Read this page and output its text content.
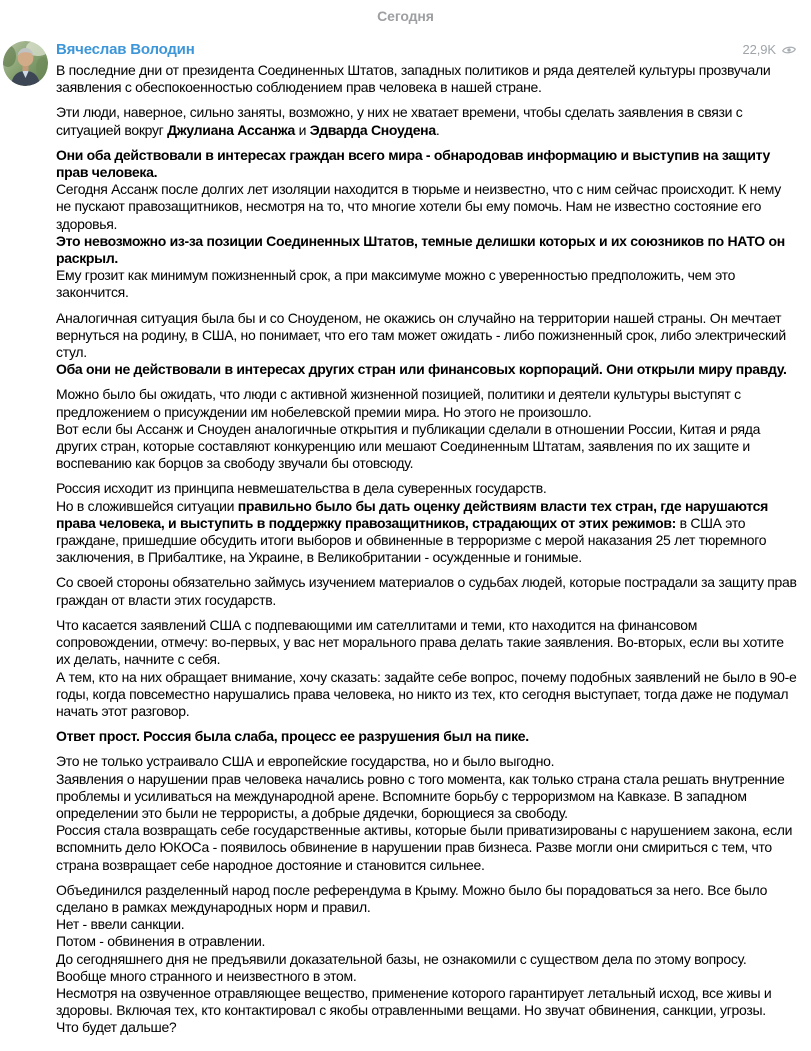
Сегодня
Вячеслав Володин	22,9K

В последние дни от президента Соединенных Штатов, западных политиков и ряда деятелей культуры прозвучали заявления с обеспокоенностью соблюдением прав человека в нашей стране.

Эти люди, наверное, сильно заняты, возможно, у них не хватает времени, чтобы сделать заявления в связи с ситуацией вокруг Джулиана Ассанжа и Эдварда Сноудена.

Они оба действовали в интересах граждан всего мира - обнародовав информацию и выступив на защиту прав человека.

Сегодня Ассанж после долгих лет изоляции находится в тюрьме и неизвестно, что с ним сейчас происходит. К нему не пускают правозащитников, несмотря на то, что многие хотели бы ему помочь. Нам не известно состояние его здоровья.

Это невозможно из-за позиции Соединенных Штатов, темные делишки которых и их союзников по НАТО он раскрыл.

Ему грозит как минимум пожизненный срок, а при максимуме можно с уверенностью предположить, чем это закончится.

Аналогичная ситуация была бы и со Сноуденом, не окажись он случайно на территории нашей страны. Он мечтает вернуться на родину, в США, но понимает, что его там может ожидать - либо пожизненный срок, либо электрический стул.

Оба они не действовали в интересах других стран или финансовых корпораций. Они открыли миру правду.

Можно было бы ожидать, что люди с активной жизненной позицией, политики и деятели культуры выступят с предложением о присуждении им нобелевской премии мира. Но этого не произошло.

Вот если бы Ассанж и Сноуден аналогичные открытия и публикации сделали в отношении России, Китая и ряда других стран, которые составляют конкуренцию или мешают Соединенным Штатам, заявления по их защите и воспеванию как борцов за свободу звучали бы отовсюду.

Россия исходит из принципа невмешательства в дела суверенных государств.

Но в сложившейся ситуации правильно было бы дать оценку действиям власти тех стран, где нарушаются права человека, и выступить в поддержку правозащитников, страдающих от этих режимов: в США это граждане, пришедшие обсудить итоги выборов и обвиненные в терроризме с мерой наказания 25 лет тюремного заключения, в Прибалтике, на Украине, в Великобритании - осужденные и гонимые.

Со своей стороны обязательно займусь изучением материалов о судьбах людей, которые пострадали за защиту прав граждан от власти этих государств.

Что касается заявлений США с подпевающими им сателлитами и теми, кто находится на финансовом сопровождении, отмечу: во-первых, у вас нет морального права делать такие заявления. Во-вторых, если вы хотите их делать, начните с себя.

А тем, кто на них обращает внимание, хочу сказать: задайте себе вопрос, почему подобных заявлений не было в 90-е годы, когда повсеместно нарушались права человека, но никто из тех, кто сегодня выступает, тогда даже не подумал начать этот разговор.

Ответ прост. Россия была слаба, процесс ее разрушения был на пике.

Это не только устраивало США и европейские государства, но и было выгодно.

Заявления о нарушении прав человека начались ровно с того момента, как только страна стала решать внутренние проблемы и усиливаться на международной арене. Вспомните борьбу с терроризмом на Кавказе. В западном определении это были не террористы, а добрые дядечки, борющиеся за свободу.

Россия стала возвращать себе государственные активы, которые были приватизированы с нарушением закона, если вспомнить дело ЮКОСа - появилось обвинение в нарушении прав бизнеса. Разве могли они смириться с тем, что страна возвращает себе народное достояние и становится сильнее.

Объединился разделенный народ после референдума в Крыму. Можно было бы порадоваться за него. Все было сделано в рамках международных норм и правил.

Нет - ввели санкции.

Потом - обвинения в отравлении.

До сегодняшнего дня не предъявили доказательной базы, не ознакомили с существом дела по этому вопросу.

Вообще много странного и неизвестного в этом.

Несмотря на озвученное отравляющее вещество, применение которого гарантирует летальный исход, все живы и здоровы. Включая тех, кто контактировал с якобы отравленными вещами. Но звучат обвинения, санкции, угрозы.

Что будет дальше?
